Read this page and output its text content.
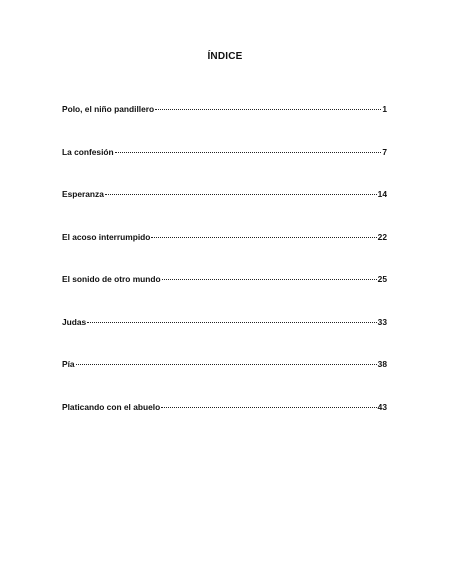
ÍNDICE
Polo, el niño pandillero	1
La confesión	7
Esperanza	14
El acoso interrumpido	22
El sonido de otro mundo	25
Judas	33
Pía	38
Platicando con el abuelo	43
